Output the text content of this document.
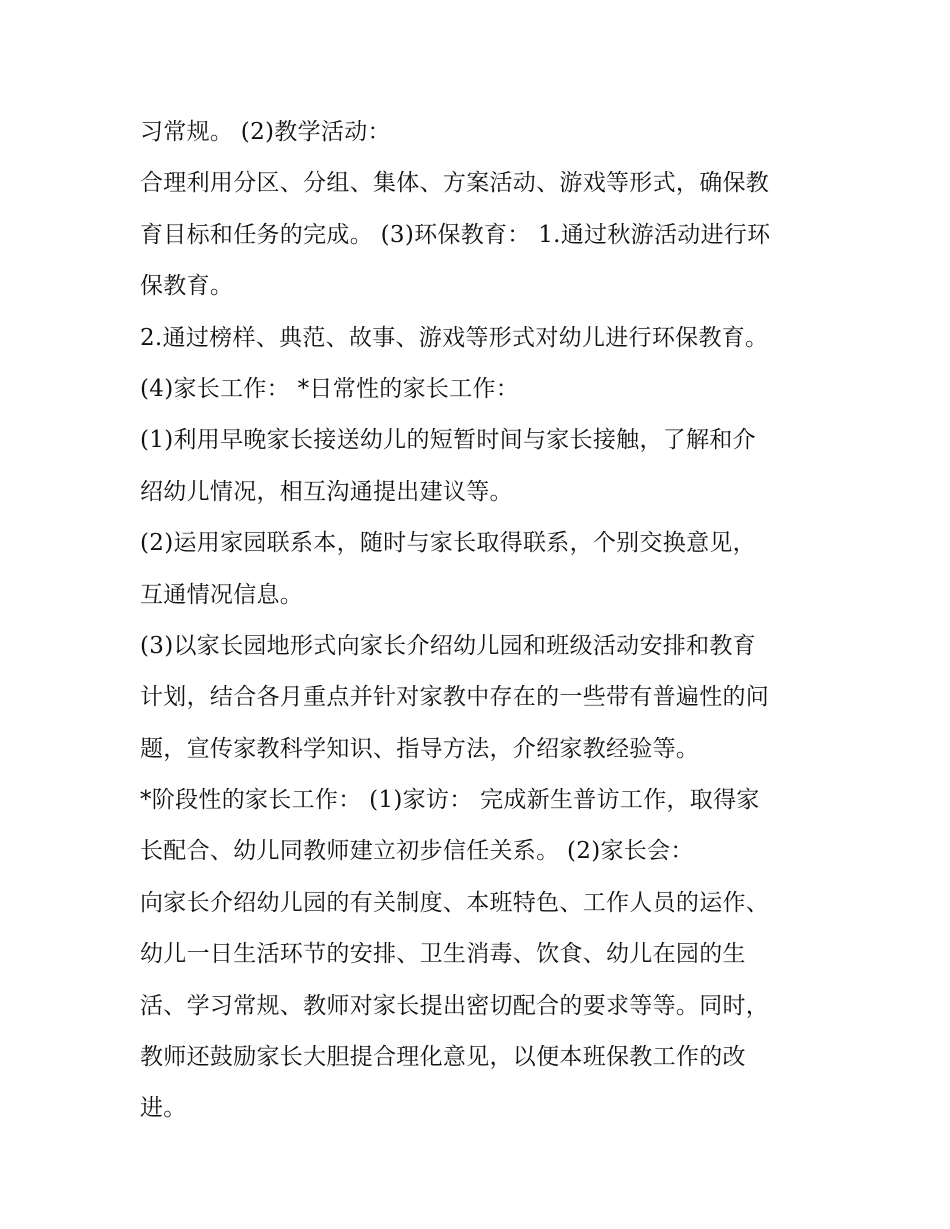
习常规。 (2)教学活动：
合理利用分区、分组、集体、方案活动、游戏等形式，确保教
育目标和任务的完成。 (3)环保教育： 1.通过秋游活动进行环
保教育。
2.通过榜样、典范、故事、游戏等形式对幼儿进行环保教育。
(4)家长工作： *日常性的家长工作：
(1)利用早晚家长接送幼儿的短暂时间与家长接触，了解和介
绍幼儿情况，相互沟通提出建议等。
(2)运用家园联系本，随时与家长取得联系，个别交换意见，
互通情况信息。
(3)以家长园地形式向家长介绍幼儿园和班级活动安排和教育
计划，结合各月重点并针对家教中存在的一些带有普遍性的问
题，宣传家教科学知识、指导方法，介绍家教经验等。
*阶段性的家长工作： (1)家访： 完成新生普访工作，取得家
长配合、幼儿同教师建立初步信任关系。 (2)家长会：
向家长介绍幼儿园的有关制度、本班特色、工作人员的运作、
幼儿一日生活环节的安排、卫生消毒、饮食、幼儿在园的生
活、学习常规、教师对家长提出密切配合的要求等等。同时，
教师还鼓励家长大胆提合理化意见，以便本班保教工作的改
进。
